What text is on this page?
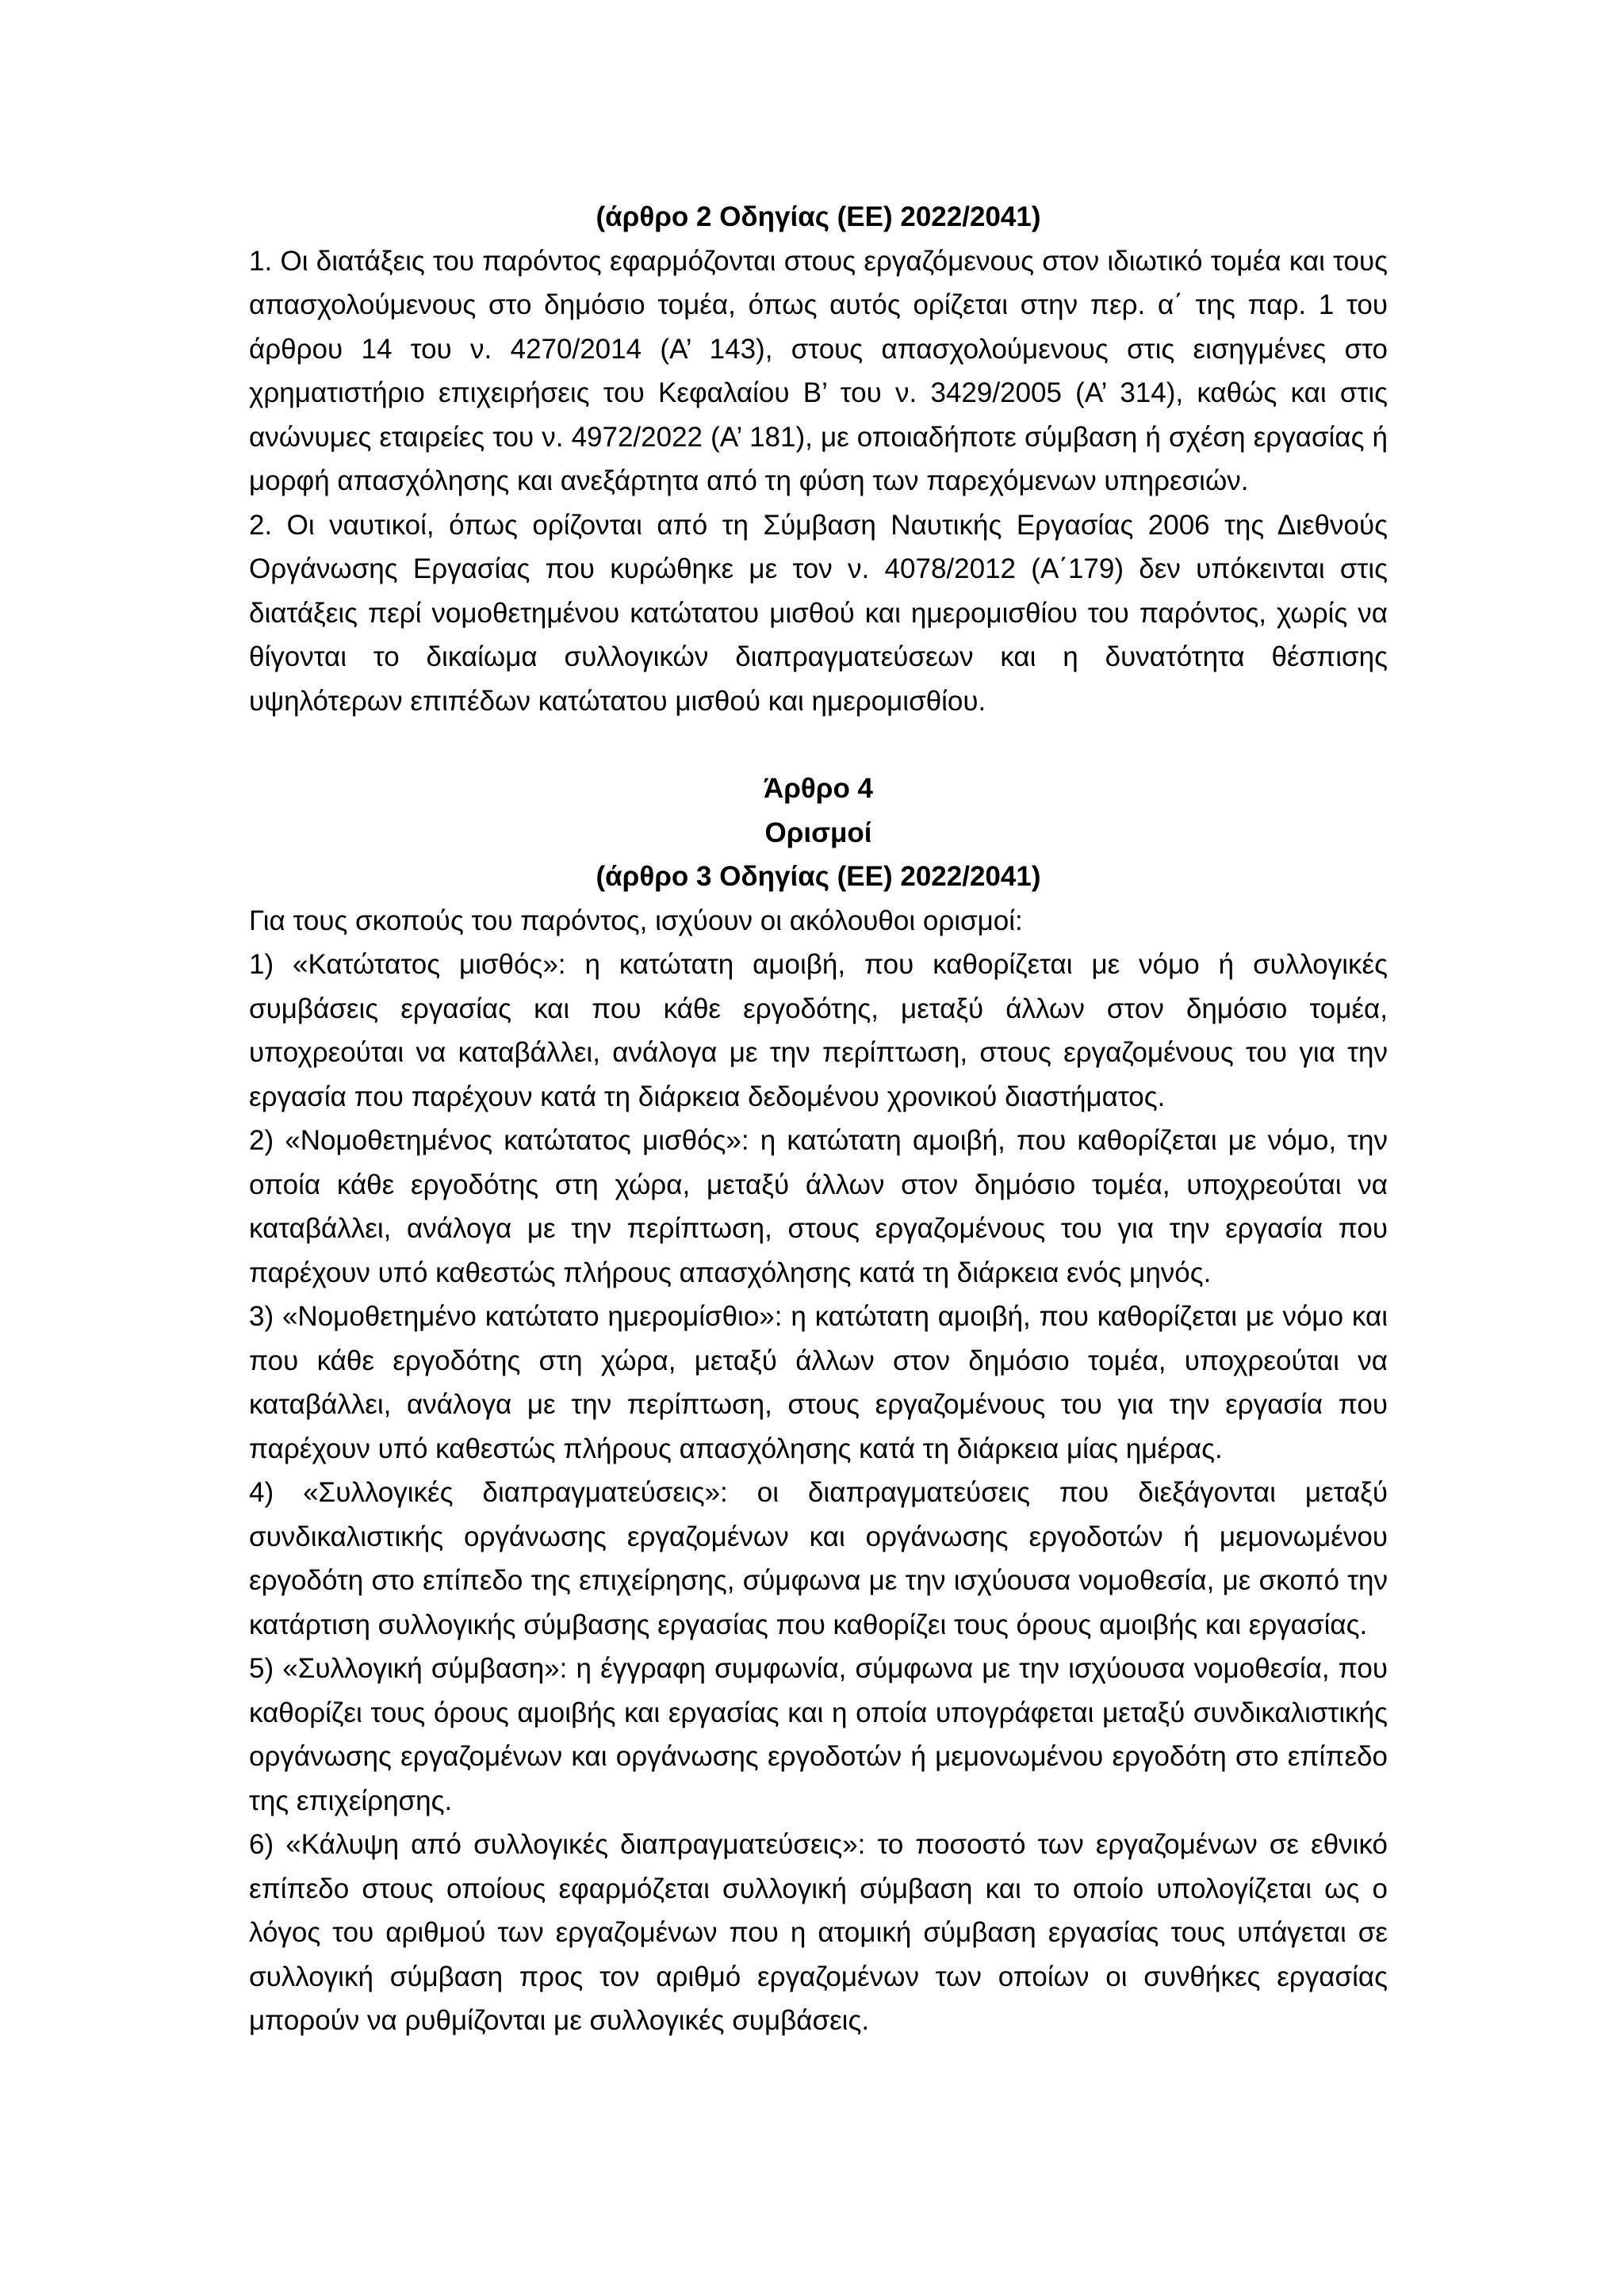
(άρθρο 2 Οδηγίας (ΕΕ) 2022/2041)

1. Οι διατάξεις του παρόντος εφαρμόζονται στους εργαζόμενους στον ιδιωτικό τομέα και τους απασχολούμενους στο δημόσιο τομέα, όπως αυτός ορίζεται στην περ. α΄ της παρ. 1 του άρθρου 14 του ν. 4270/2014 (Α’ 143), στους απασχολούμενους στις εισηγμένες στο χρηματιστήριο επιχειρήσεις του Κεφαλαίου Β’ του ν. 3429/2005 (Α’ 314), καθώς και στις ανώνυμες εταιρείες του ν. 4972/2022 (Α’ 181), με οποιαδήποτε σύμβαση ή σχέση εργασίας ή μορφή απασχόλησης και ανεξάρτητα από τη φύση των παρεχόμενων υπηρεσιών.

2. Οι ναυτικοί, όπως ορίζονται από τη Σύμβαση Ναυτικής Εργασίας 2006 της Διεθνούς Οργάνωσης Εργασίας που κυρώθηκε με τον ν. 4078/2012 (Α΄179) δεν υπόκεινται στις διατάξεις περί νομοθετημένου κατώτατου μισθού και ημερομισθίου του παρόντος, χωρίς να θίγονται το δικαίωμα συλλογικών διαπραγματεύσεων και η δυνατότητα θέσπισης υψηλότερων επιπέδων κατώτατου μισθού και ημερομισθίου.

Άρθρο 4

Ορισμοί

(άρθρο 3 Οδηγίας (ΕΕ) 2022/2041)

Για τους σκοπούς του παρόντος, ισχύουν οι ακόλουθοι ορισμοί:

1) «Κατώτατος μισθός»: η κατώτατη αμοιβή, που καθορίζεται με νόμο ή συλλογικές συμβάσεις εργασίας και που κάθε εργοδότης, μεταξύ άλλων στον δημόσιο τομέα, υποχρεούται να καταβάλλει, ανάλογα με την περίπτωση, στους εργαζομένους του για την εργασία που παρέχουν κατά τη διάρκεια δεδομένου χρονικού διαστήματος.

2) «Νομοθετημένος κατώτατος μισθός»: η κατώτατη αμοιβή, που καθορίζεται με νόμο, την οποία κάθε εργοδότης στη χώρα, μεταξύ άλλων στον δημόσιο τομέα, υποχρεούται να καταβάλλει, ανάλογα με την περίπτωση, στους εργαζομένους του για την εργασία που παρέχουν υπό καθεστώς πλήρους απασχόλησης κατά τη διάρκεια ενός μηνός.

3) «Νομοθετημένο κατώτατο ημερομίσθιο»: η κατώτατη αμοιβή, που καθορίζεται με νόμο και που κάθε εργοδότης στη χώρα, μεταξύ άλλων στον δημόσιο τομέα, υποχρεούται να καταβάλλει, ανάλογα με την περίπτωση, στους εργαζομένους του για την εργασία που παρέχουν υπό καθεστώς πλήρους απασχόλησης κατά τη διάρκεια μίας ημέρας.

4) «Συλλογικές διαπραγματεύσεις»: οι διαπραγματεύσεις που διεξάγονται μεταξύ συνδικαλιστικής οργάνωσης εργαζομένων και οργάνωσης εργοδοτών ή μεμονωμένου εργοδότη στο επίπεδο της επιχείρησης, σύμφωνα με την ισχύουσα νομοθεσία, με σκοπό την κατάρτιση συλλογικής σύμβασης εργασίας που καθορίζει τους όρους αμοιβής και εργασίας.

5) «Συλλογική σύμβαση»: η έγγραφη συμφωνία, σύμφωνα με την ισχύουσα νομοθεσία, που καθορίζει τους όρους αμοιβής και εργασίας και η οποία υπογράφεται μεταξύ συνδικαλιστικής οργάνωσης εργαζομένων και οργάνωσης εργοδοτών ή μεμονωμένου εργοδότη στο επίπεδο της επιχείρησης.

6) «Κάλυψη από συλλογικές διαπραγματεύσεις»: το ποσοστό των εργαζομένων σε εθνικό επίπεδο στους οποίους εφαρμόζεται συλλογική σύμβαση και το οποίο υπολογίζεται ως ο λόγος του αριθμού των εργαζομένων που η ατομική σύμβαση εργασίας τους υπάγεται σε συλλογική σύμβαση προς τον αριθμό εργαζομένων των οποίων οι συνθήκες εργασίας μπορούν να ρυθμίζονται με συλλογικές συμβάσεις.
